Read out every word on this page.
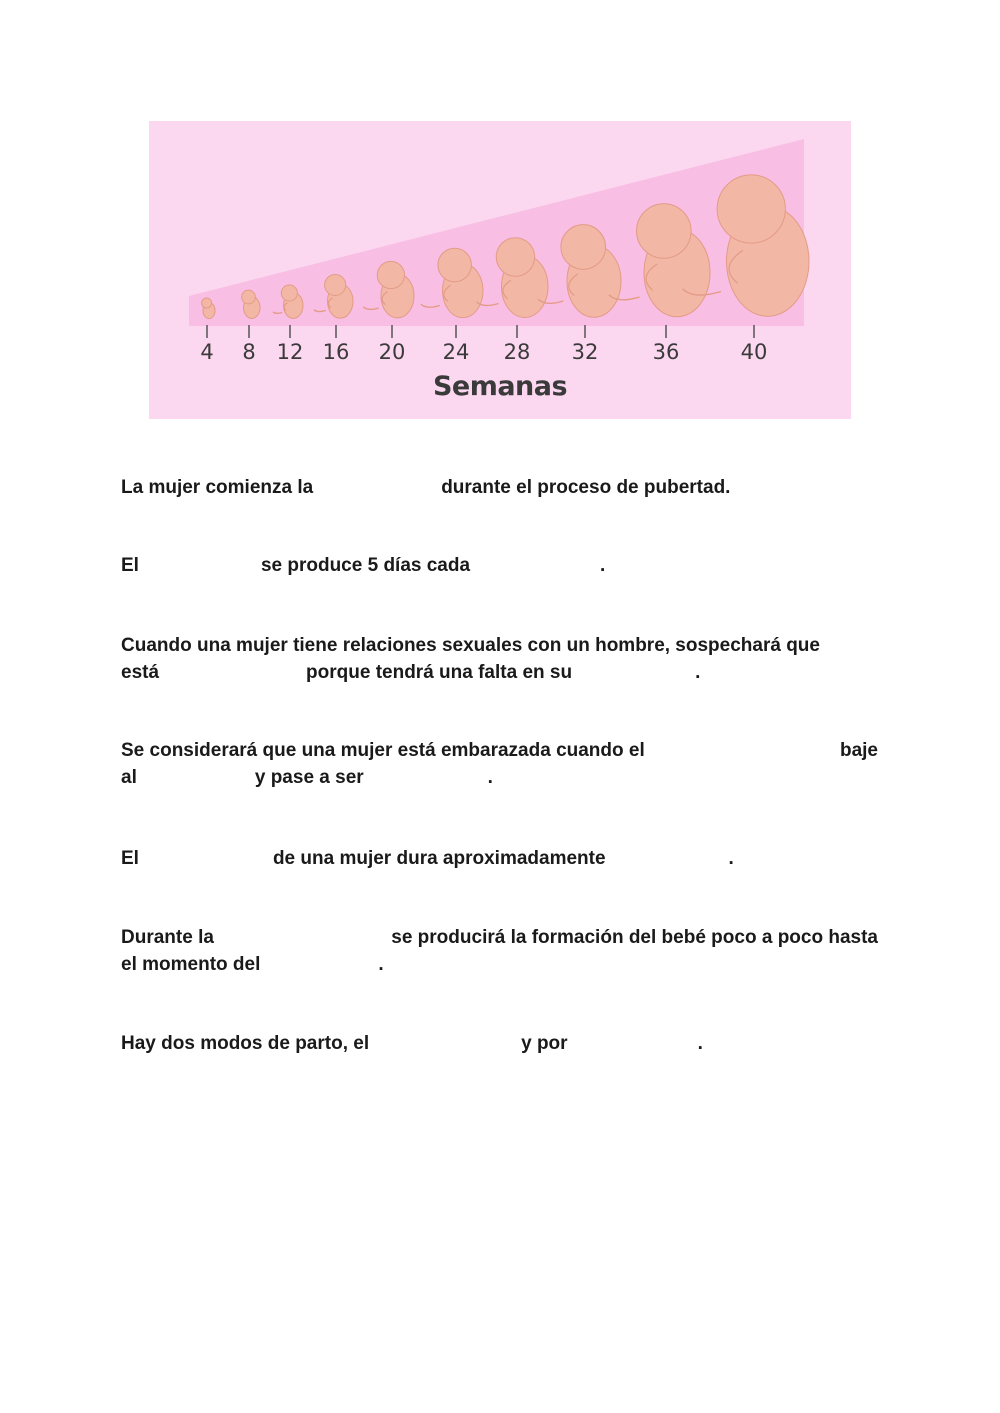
4 8 12 16 20 24 28 32	36	40
Semanas
La mujer comienza la	durante el proceso de pubertad.
El	se produce 5 días cada	.
Cuando una mujer tiene relaciones sexuales con un hombre, sospechará que
está	porque tendrá una falta en su	.
Se considerará que una mujer está embarazada cuando el	baje
al	y pase a ser	.
El	de una mujer dura aproximadamente	.
Durante la	se producirá la formación del bebé poco a poco hasta
el momento del	.
Hay dos modos de parto, el	y por	.
